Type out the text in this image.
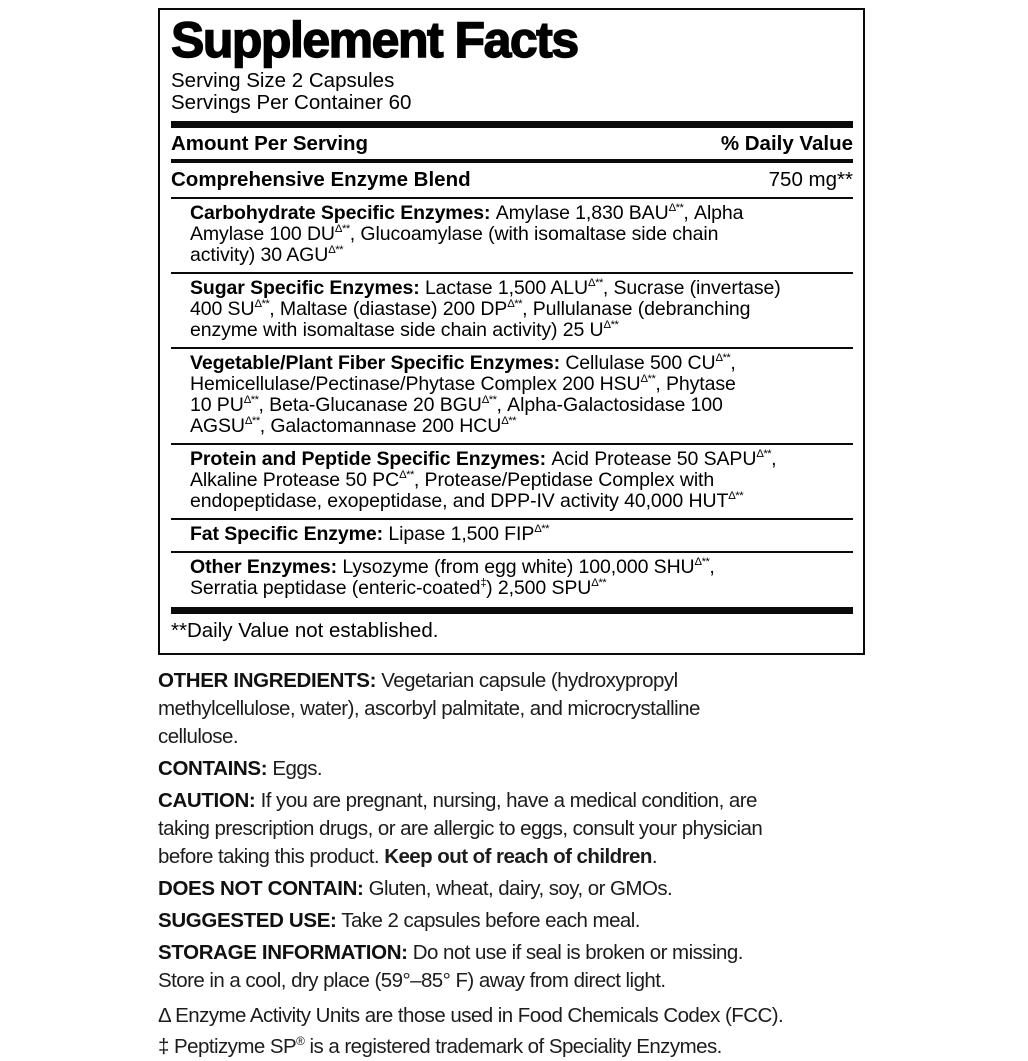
Supplement Facts
Serving Size 2 Capsules
Servings Per Container 60
Amount Per Serving	% Daily Value
Comprehensive Enzyme Blend	750 mg**
Carbohydrate Specific Enzymes: Amylase 1,830 $BAU^{\Delta**}$, Alpha
Amylase 100 $DU^{\Delta**}$, Glucoamylase (with isomaltase side chain
activity) 30 $AGU^{\Delta**}$
Sugar Specific Enzymes: Lactase 1,500 $ALU^{\Delta**}$, Sucrase (invertase)
400 $SU^{\Delta**}$, Maltase (diastase) 200 $DP^{\Delta**}$, Pullulanase (debranching
enzyme with isomaltase side chain activity) 25 $U^{\Delta**}$
Vegetable/Plant Fiber Specific Enzymes: Cellulase 500 $CU^{\Delta**}$,
Hemicellulase/Pectinase/Phytase Complex 200 $HSU^{\Delta**}$, Phytase
10 $PU^{\Delta**}$, Beta-Glucanase 20 $BGU^{\Delta**}$, Alpha-Galactosidase 100
$AGSU^{\Delta**}$, Galactomannase 200 $HCU^{\Delta**}$
Protein and Peptide Specific Enzymes: Acid Protease 50 $SAPU^{\Delta**}$,
Alkaline Protease 50 $PC^{\Delta**}$, Protease/Peptidase Complex with
endopeptidase, exopeptidase, and DPP-IV activity 40,000 $HUT^{\Delta**}$
Fat Specific Enzyme: Lipase 1,500 $FIP^{\Delta**}$
Other Enzymes: Lysozyme (from egg white) 100,000 $SHU^{\Delta**}$,
Serratia peptidase (enteric-coated‡) 2,500 $SPU^{\Delta**}$
**Daily Value not established.
OTHER INGREDIENTS: Vegetarian capsule (hydroxypropyl
methylcellulose, water), ascorbyl palmitate, and microcrystalline
cellulose.
CONTAINS: Eggs.
CAUTION: If you are pregnant, nursing, have a medical condition, are
taking prescription drugs, or are allergic to eggs, consult your physician
before taking this product. Keep out of reach of children.
DOES NOT CONTAIN: Gluten, wheat, dairy, soy, or GMOs.
SUGGESTED USE: Take 2 capsules before each meal.
STORAGE INFORMATION: Do not use if seal is broken or missing.
Store in a cool, dry place (59°–85° F) away from direct light.
Δ Enzyme Activity Units are those used in Food Chemicals Codex (FCC).
‡ Peptizyme SP® is a registered trademark of Speciality Enzymes.
